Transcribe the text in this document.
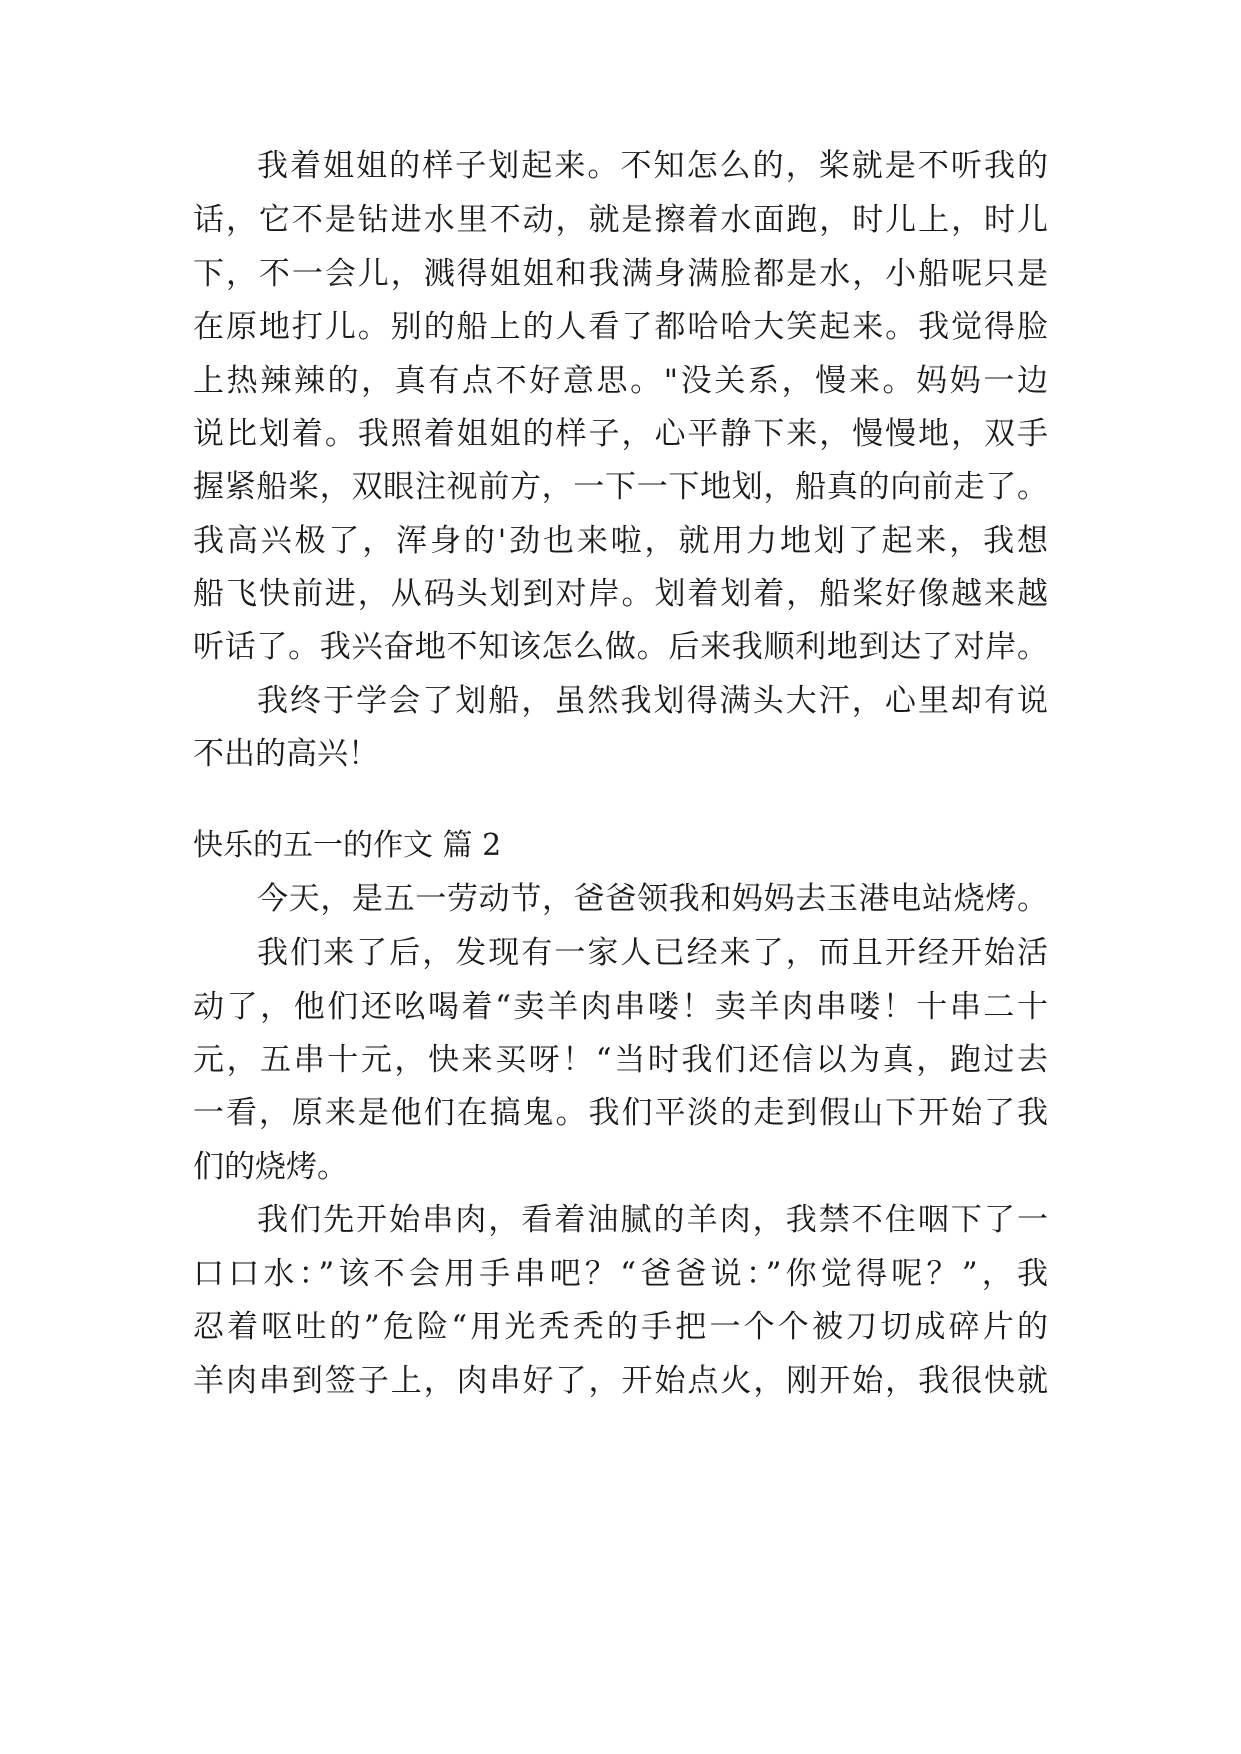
我着姐姐的样子划起来。不知怎么的，桨就是不听我的
话，它不是钻进水里不动，就是擦着水面跑，时儿上，时儿
下，不一会儿，溅得姐姐和我满身满脸都是水，小船呢只是
在原地打儿。别的船上的人看了都哈哈大笑起来。我觉得脸
上热辣辣的，真有点不好意思。"没关系，慢来。妈妈一边
说比划着。我照着姐姐的样子，心平静下来，慢慢地，双手
握紧船桨，双眼注视前方，一下一下地划，船真的向前走了。
我高兴极了，浑身的'劲也来啦，就用力地划了起来，我想
船飞快前进，从码头划到对岸。划着划着，船桨好像越来越
听话了。我兴奋地不知该怎么做。后来我顺利地到达了对岸。
我终于学会了划船，虽然我划得满头大汗，心里却有说
不出的高兴！
快乐的五一的作文 篇 2
今天，是五一劳动节，爸爸领我和妈妈去玉港电站烧烤。
我们来了后，发现有一家人已经来了，而且开经开始活
动了，他们还吆喝着“卖羊肉串喽！卖羊肉串喽！十串二十
元，五串十元，快来买呀！“当时我们还信以为真，跑过去
一看，原来是他们在搞鬼。我们平淡的走到假山下开始了我
们的烧烤。
我们先开始串肉，看着油腻的羊肉，我禁不住咽下了一
口口水：”该不会用手串吧？“爸爸说：”你觉得呢？”，我
忍着呕吐的”危险“用光秃秃的手把一个个被刀切成碎片的
羊肉串到签子上，肉串好了，开始点火，刚开始，我很快就
